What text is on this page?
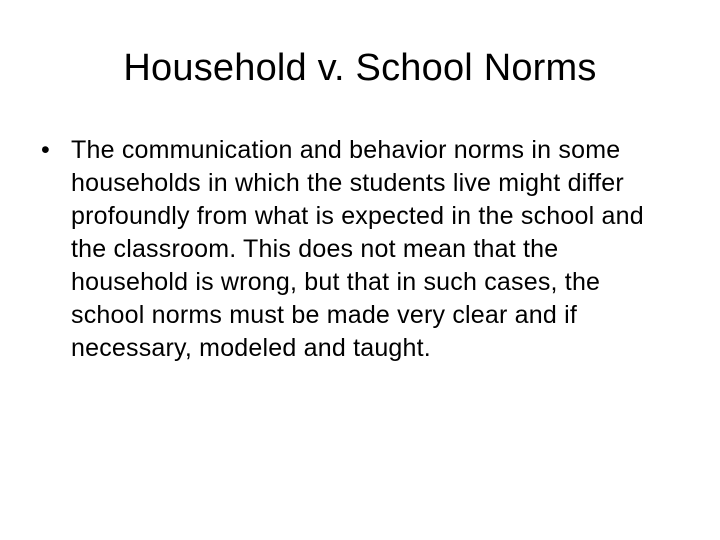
Household v. School Norms
• The communication and behavior norms in some households in which the students live might differ profoundly from what is expected in the school and the classroom. This does not mean that the household is wrong, but that in such cases, the school norms must be made very clear and if necessary, modeled and taught.
